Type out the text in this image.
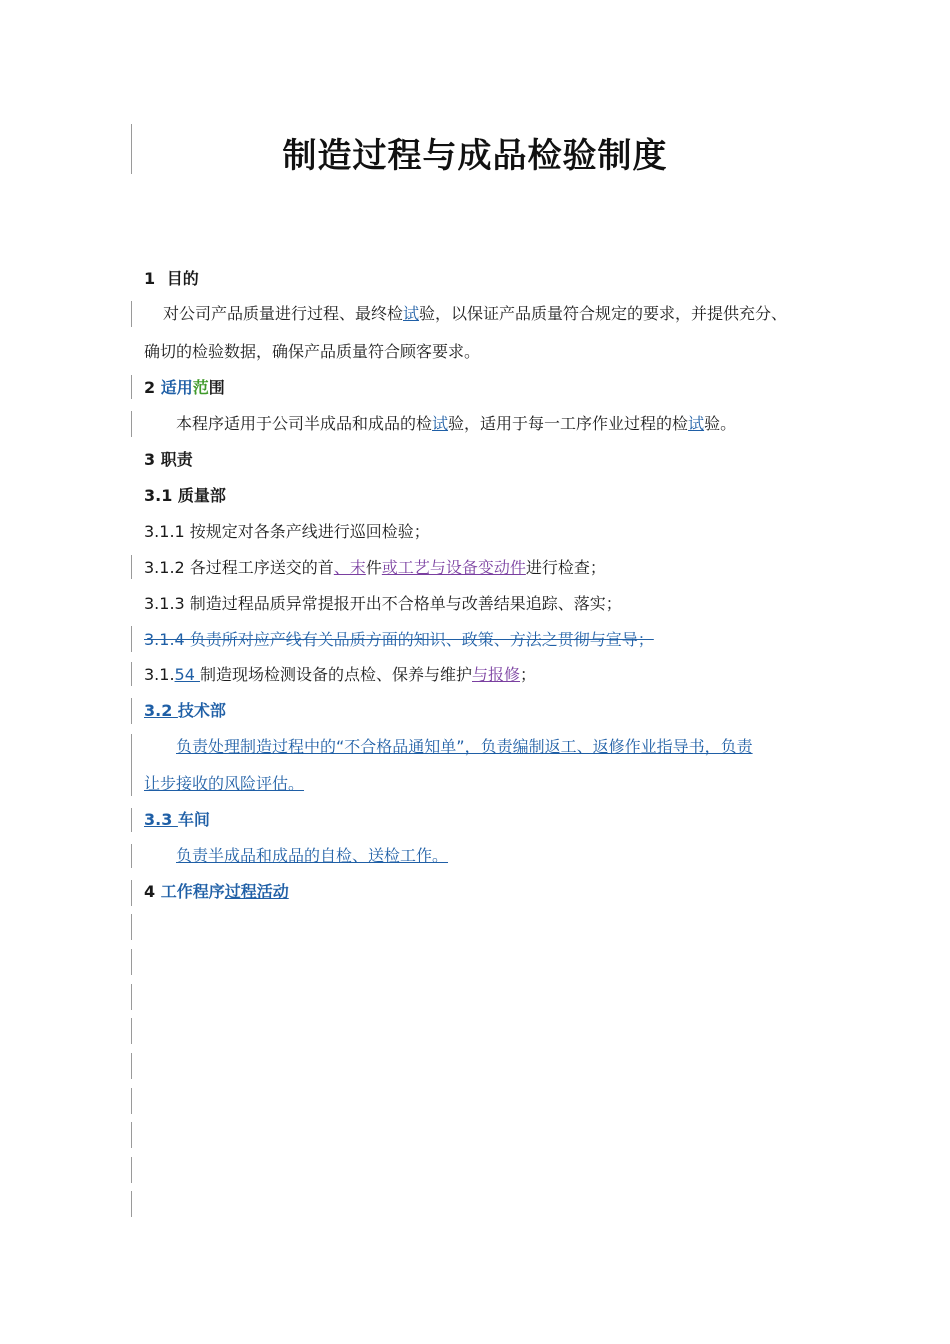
制造过程与成品检验制度
1 目的
对公司产品质量进行过程、最终检试验，以保证产品质量符合规定的要求，并提供充分、
确切的检验数据，确保产品质量符合顾客要求。
2 适用范围
本程序适用于公司半成品和成品的检试验，适用于每一工序作业过程的检试验。
3 职责
3.1 质量部
3.1.1 按规定对各条产线进行巡回检验；
3.1.2 各过程工序送交的首、末件或工艺与设备变动件进行检查；
3.1.3 制造过程品质异常提报开出不合格单与改善结果追踪、落实；
3.1.4 负责所对应产线有关品质方面的知识、政策、方法之贯彻与宣导；
3.1.54 制造现场检测设备的点检、保养与维护与报修；
3.2 技术部
负责处理制造过程中的“不合格品通知单”，负责编制返工、返修作业指导书，负责
让步接收的风险评估。
3.3 车间
负责半成品和成品的自检、送检工作。
4 工作程序过程活动
